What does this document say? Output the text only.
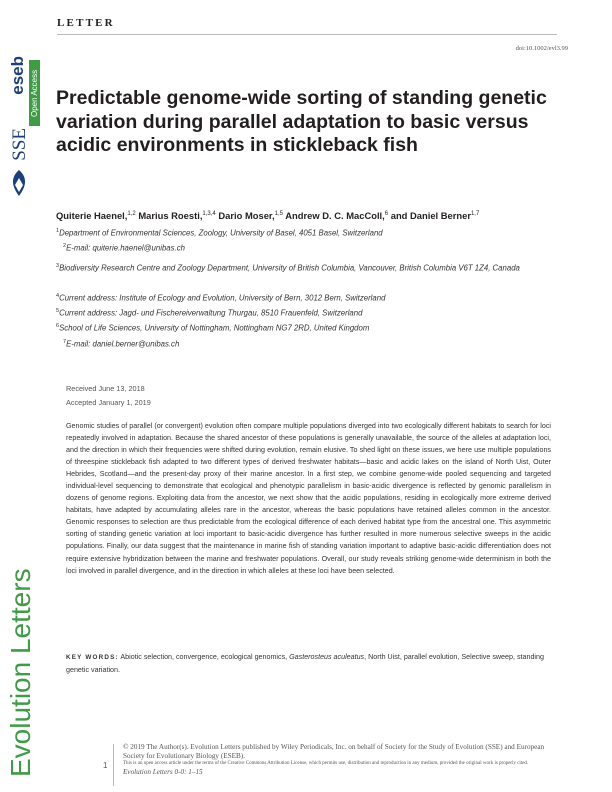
LETTER
doi:10.1002/evl3.99
Open Access
eseb
SSE
Predictable genome-wide sorting of standing genetic variation during parallel adaptation to basic versus acidic environments in stickleback fish
Quiterie Haenel,$^{1,2}$ Marius Roesti,$^{1,3,4}$ Dario Moser,$^{1,5}$ Andrew D. C. MacColl,$^6$ and Daniel Berner$^{1,7}$
$^1$Department of Environmental Sciences, Zoology, University of Basel, 4051 Basel, Switzerland
$^2$E-mail: quiterie.haenel@unibas.ch
$^3$Biodiversity Research Centre and Zoology Department, University of British Columbia, Vancouver, British Columbia V6T 1Z4, Canada
$^4$Current address: Institute of Ecology and Evolution, University of Bern, 3012 Bern, Switzerland
$^5$Current address: Jagd- und Fischereiverwaltung Thurgau, 8510 Frauenfeld, Switzerland
$^6$School of Life Sciences, University of Nottingham, Nottingham NG7 2RD, United Kingdom
$^7$E-mail: daniel.berner@unibas.ch
Received June 13, 2018
Accepted January 1, 2019
Genomic studies of parallel (or convergent) evolution often compare multiple populations diverged into two ecologically different habitats to search for loci repeatedly involved in adaptation. Because the shared ancestor of these populations is generally unavailable, the source of the alleles at adaptation loci, and the direction in which their frequencies were shifted during evolution, remain elusive. To shed light on these issues, we here use multiple populations of threespine stickleback fish adapted to two different types of derived freshwater habitats—basic and acidic lakes on the island of North Uist, Outer Hebrides, Scotland—and the present-day proxy of their marine ancestor. In a first step, we combine genome-wide pooled sequencing and targeted individual-level sequencing to demonstrate that ecological and phenotypic parallelism in basic-acidic divergence is reflected by genomic parallelism in dozens of genome regions. Exploiting data from the ancestor, we next show that the acidic populations, residing in ecologically more extreme derived habitats, have adapted by accumulating alleles rare in the ancestor, whereas the basic populations have retained alleles common in the ancestor. Genomic responses to selection are thus predictable from the ecological difference of each derived habitat type from the ancestral one. This asymmetric sorting of standing genetic variation at loci important to basic-acidic divergence has further resulted in more numerous selective sweeps in the acidic populations. Finally, our data suggest that the maintenance in marine fish of standing variation important to adaptive basic-acidic differentiation does not require extensive hybridization between the marine and freshwater populations. Overall, our study reveals striking genome-wide determinism in both the loci involved in parallel divergence, and in the direction in which alleles at these loci have been selected.
KEY WORDS: Abiotic selection, convergence, ecological genomics, Gasterosteus aculeatus, North Uist, parallel evolution, Selective sweep, standing genetic variation.
Evolution Letters	1
© 2019 The Author(s). Evolution Letters published by Wiley Periodicals, Inc. on behalf of Society for the Study of Evolution (SSE) and European Society for Evolutionary Biology (ESEB).
This is an open access article under the terms of the Creative Commons Attribution License, which permits use, distribution and reproduction in any medium, provided the original work is properly cited.
Evolution Letters 0-0: 1–15
